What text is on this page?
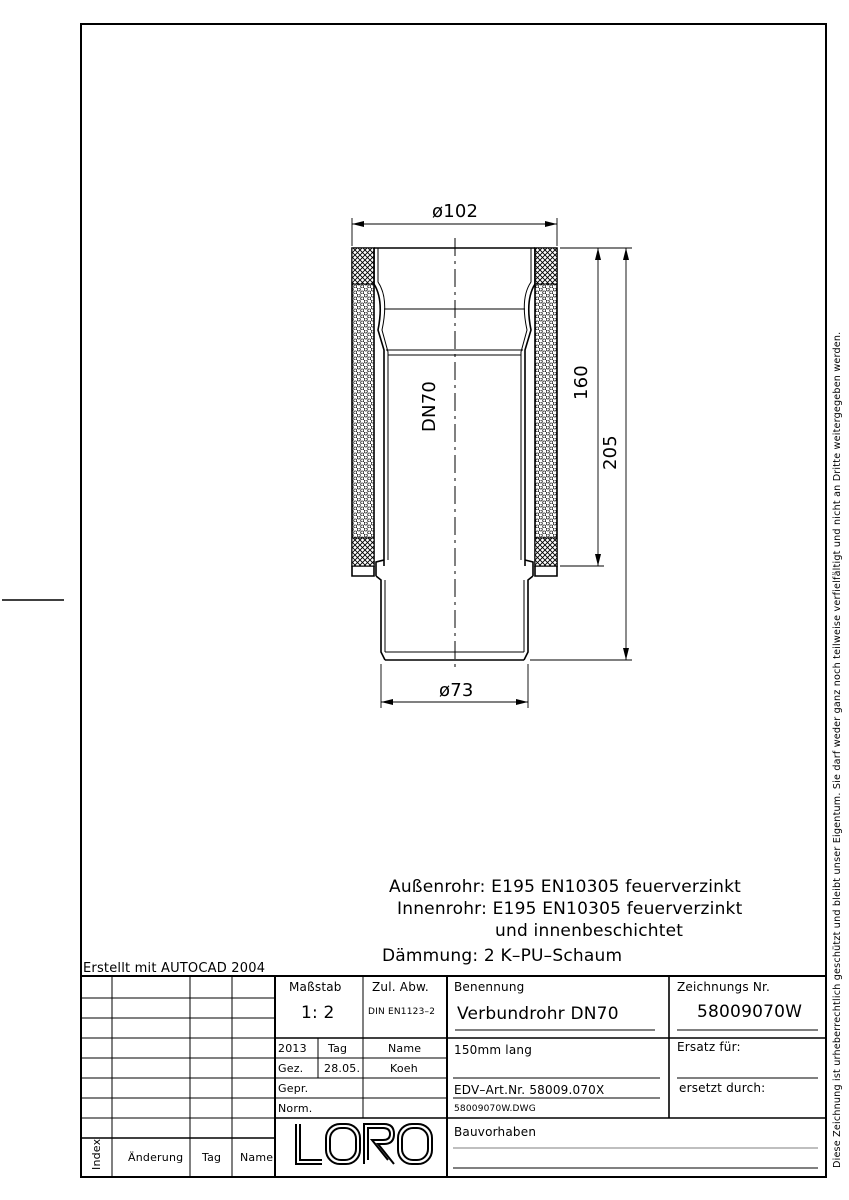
ø102
ø73
160
205
DN70
Außenrohr: E195 EN10305 feuerverzinkt
Innenrohr: E195 EN10305 feuerverzinkt
und innenbeschichtet
Dämmung: 2 K–PU–Schaum
Erstellt mit AUTOCAD 2004	Diese Zeichnung ist urheberrechtlich geschützt und bleibt unser Eigentum. Sie darf weder ganz noch teilweise verfielfältigt und nicht an Dritte weitergegeben werden.
Maßstab
1: 2
Zul. Abw.
DIN EN1123–2
Benennung
Verbundrohr DN70
Zeichnungs Nr.
58009070W
2013 Tag	Name
Gez. 28.05.	Koeh
Gepr.
Norm.
150mm lang	Ersatz für:
EDV–Art.Nr. 58009.070X	ersetzt durch:
58009070W.DWG
Bauvorhaben
Index Änderung Tag Name
